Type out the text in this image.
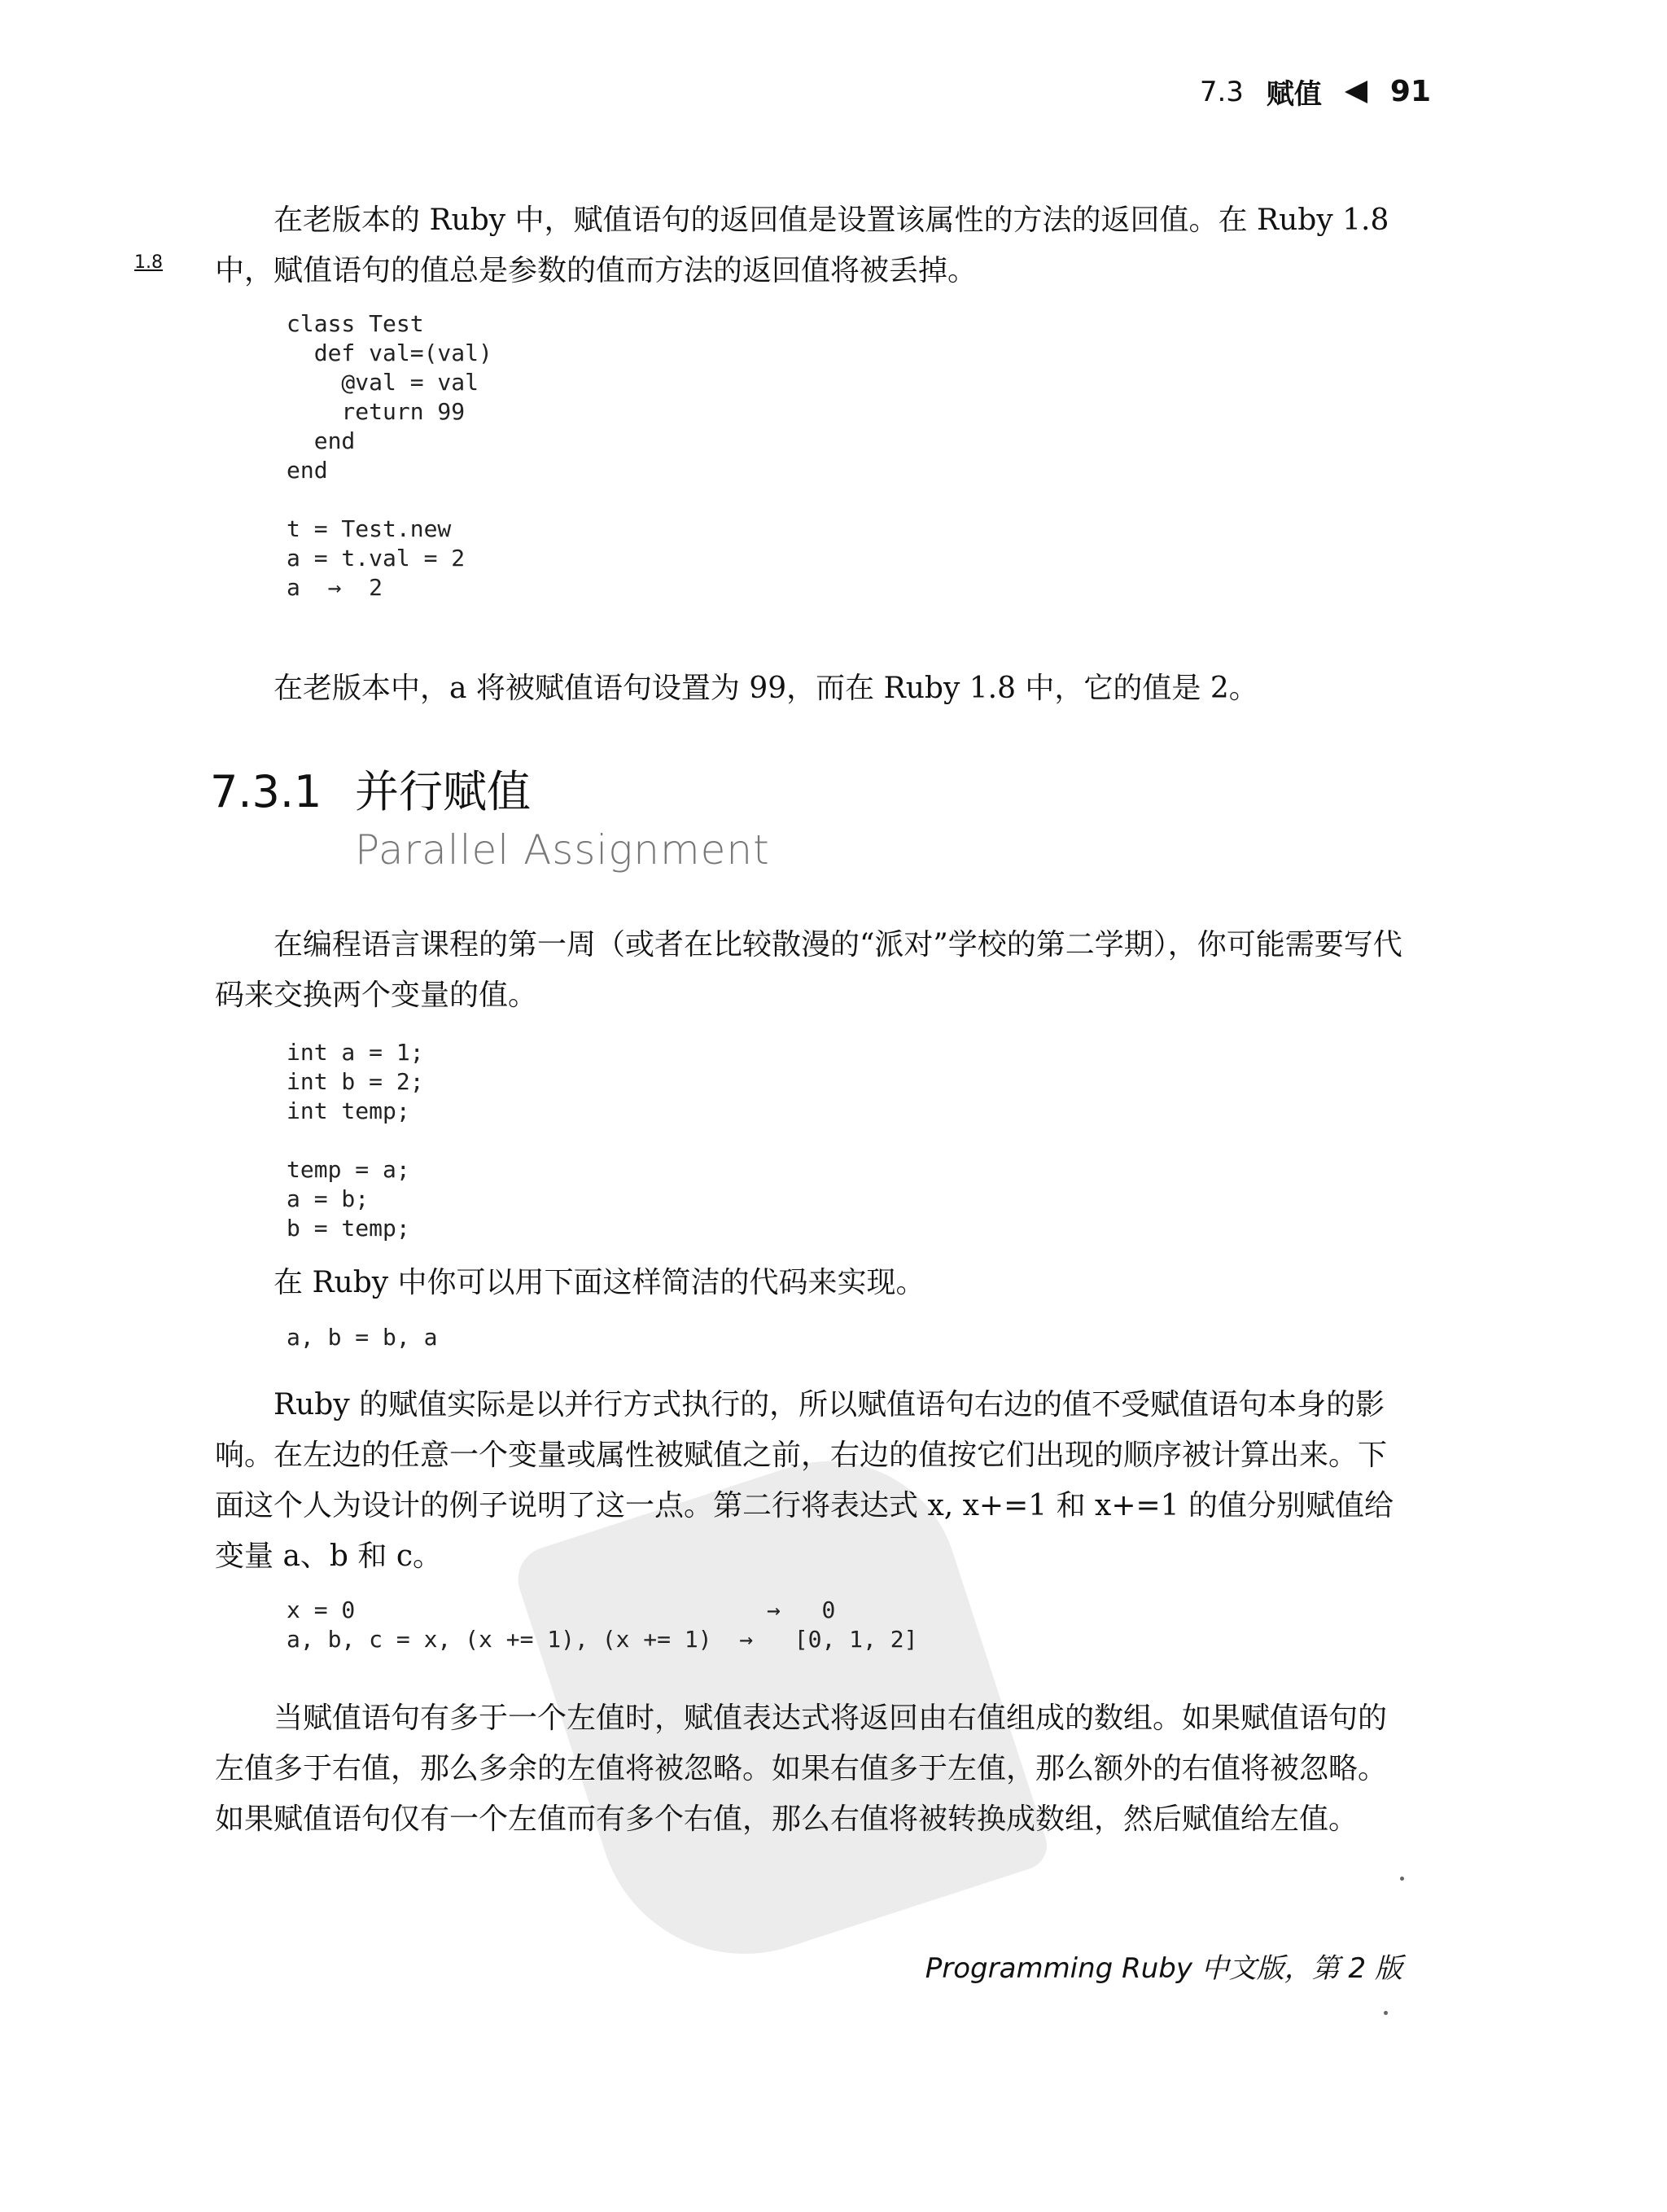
7.3 赋值 91
在老版本的 Ruby 中，赋值语句的返回值是设置该属性的方法的返回值。在 Ruby 1.8 中，赋值语句的值总是参数的值而方法的返回值将被丢掉。
1.8
class Test
def val=(val)
@val = val
return 99
end
end

t = Test.new
a = t.val = 2
a  →  2
在老版本中，a 将被赋值语句设置为 99，而在 Ruby 1.8 中，它的值是 2。
7.3.1 并行赋值
Parallel Assignment
在编程语言课程的第一周（或者在比较散漫的“派对”学校的第二学期），你可能需要写代码来交换两个变量的值。
int a = 1;
int b = 2;
int temp;

temp = a;
a = b;
b = temp;
在 Ruby 中你可以用下面这样简洁的代码来实现。
a, b = b, a
Ruby 的赋值实际是以并行方式执行的，所以赋值语句右边的值不受赋值语句本身的影响。在左边的任意一个变量或属性被赋值之前，右边的值按它们出现的顺序被计算出来。下面这个人为设计的例子说明了这一点。第二行将表达式 x, x+=1 和 x+=1 的值分别赋值给变量 a、b 和 c。
x = 0                              →   0
a, b, c = x, (x += 1), (x += 1)  →   [0, 1, 2]
当赋值语句有多于一个左值时，赋值表达式将返回由右值组成的数组。如果赋值语句的左值多于右值，那么多余的左值将被忽略。如果右值多于左值，那么额外的右值将被忽略。如果赋值语句仅有一个左值而有多个右值，那么右值将被转换成数组，然后赋值给左值。
Programming Ruby 中文版，第 2 版
